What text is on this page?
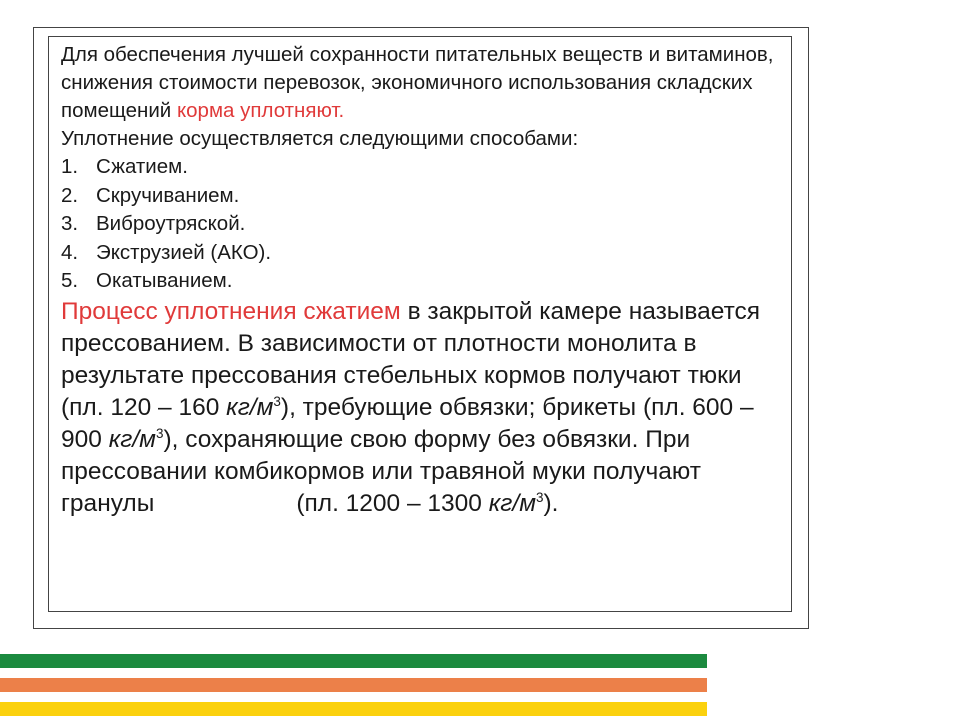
Для обеспечения лучшей сохранности питательных веществ и витаминов, снижения стоимости перевозок, экономичного использования складских помещений корма уплотняют.

Уплотнение осуществляется следующими способами:

1. Сжатием.
2. Скручиванием.
3. Виброутряской.
4. Экструзией (АКО).
5. Окатыванием.

Процесс уплотнения сжатием в закрытой камере называется прессованием. В зависимости от плотности монолита в результате прессования стебельных кормов получают тюки (пл. 120 – 160 $кг/м^3$), требующие обвязки; брикеты (пл. 600 – 900 $кг/м^3$), сохраняющие свою форму без обвязки. При прессовании комбикормов или травяной муки получают гранулы	(пл. 1200 – 1300 $кг/м^3$).
